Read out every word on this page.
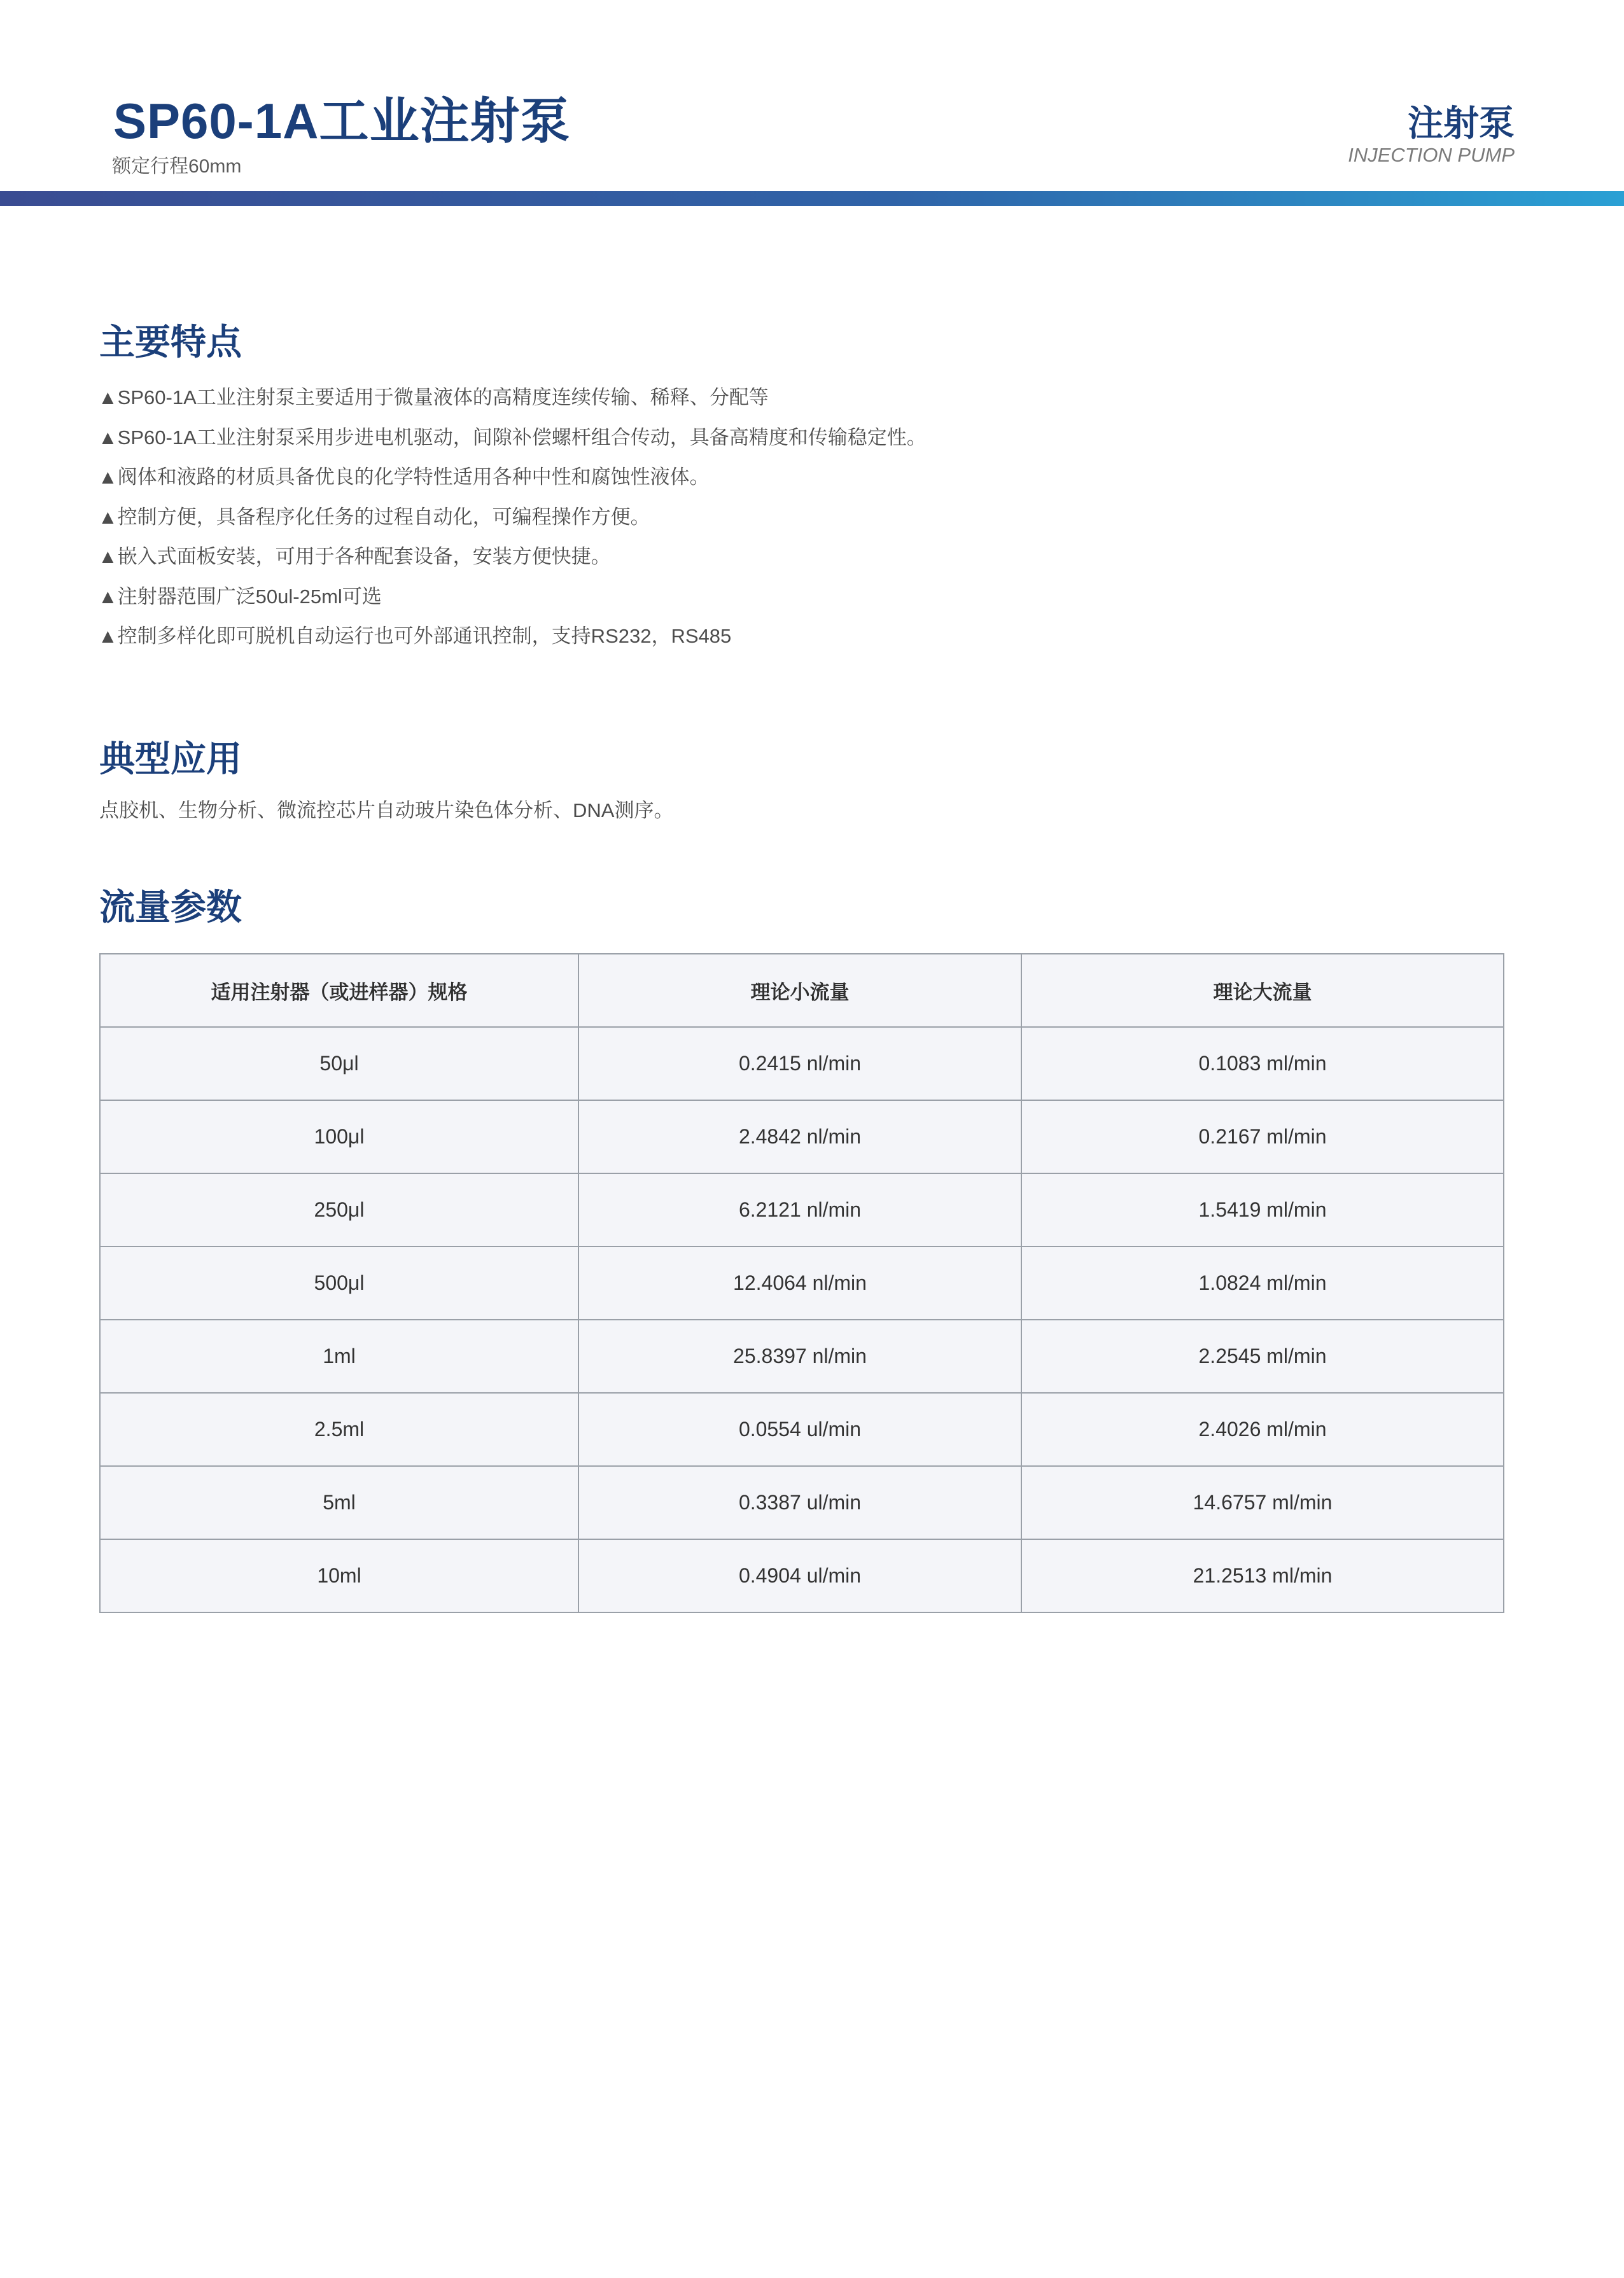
SP60-1A工业注射泵
额定行程60mm
注射泵
INJECTION PUMP
主要特点
▲SP60-1A工业注射泵主要适用于微量液体的高精度连续传输、稀释、分配等
▲SP60-1A工业注射泵采用步进电机驱动，间隙补偿螺杆组合传动，具备高精度和传输稳定性。
▲阀体和液路的材质具备优良的化学特性适用各种中性和腐蚀性液体。
▲控制方便，具备程序化任务的过程自动化，可编程操作方便。
▲嵌入式面板安装，可用于各种配套设备，安装方便快捷。
▲注射器范围广泛50ul-25ml可选
▲控制多样化即可脱机自动运行也可外部通讯控制，支持RS232，RS485
典型应用
点胶机、生物分析、微流控芯片自动玻片染色体分析、DNA测序。
流量参数
适用注射器（或进样器）规格	理论小流量	理论大流量
50μl	0.2415 nl/min	0.1083 ml/min
100μl	2.4842 nl/min	0.2167 ml/min
250μl	6.2121 nl/min	1.5419 ml/min
500μl	12.4064 nl/min	1.0824 ml/min
1ml	25.8397 nl/min	2.2545 ml/min
2.5ml	0.0554 ul/min	2.4026 ml/min
5ml	0.3387 ul/min	14.6757 ml/min
10ml	0.4904 ul/min	21.2513 ml/min
